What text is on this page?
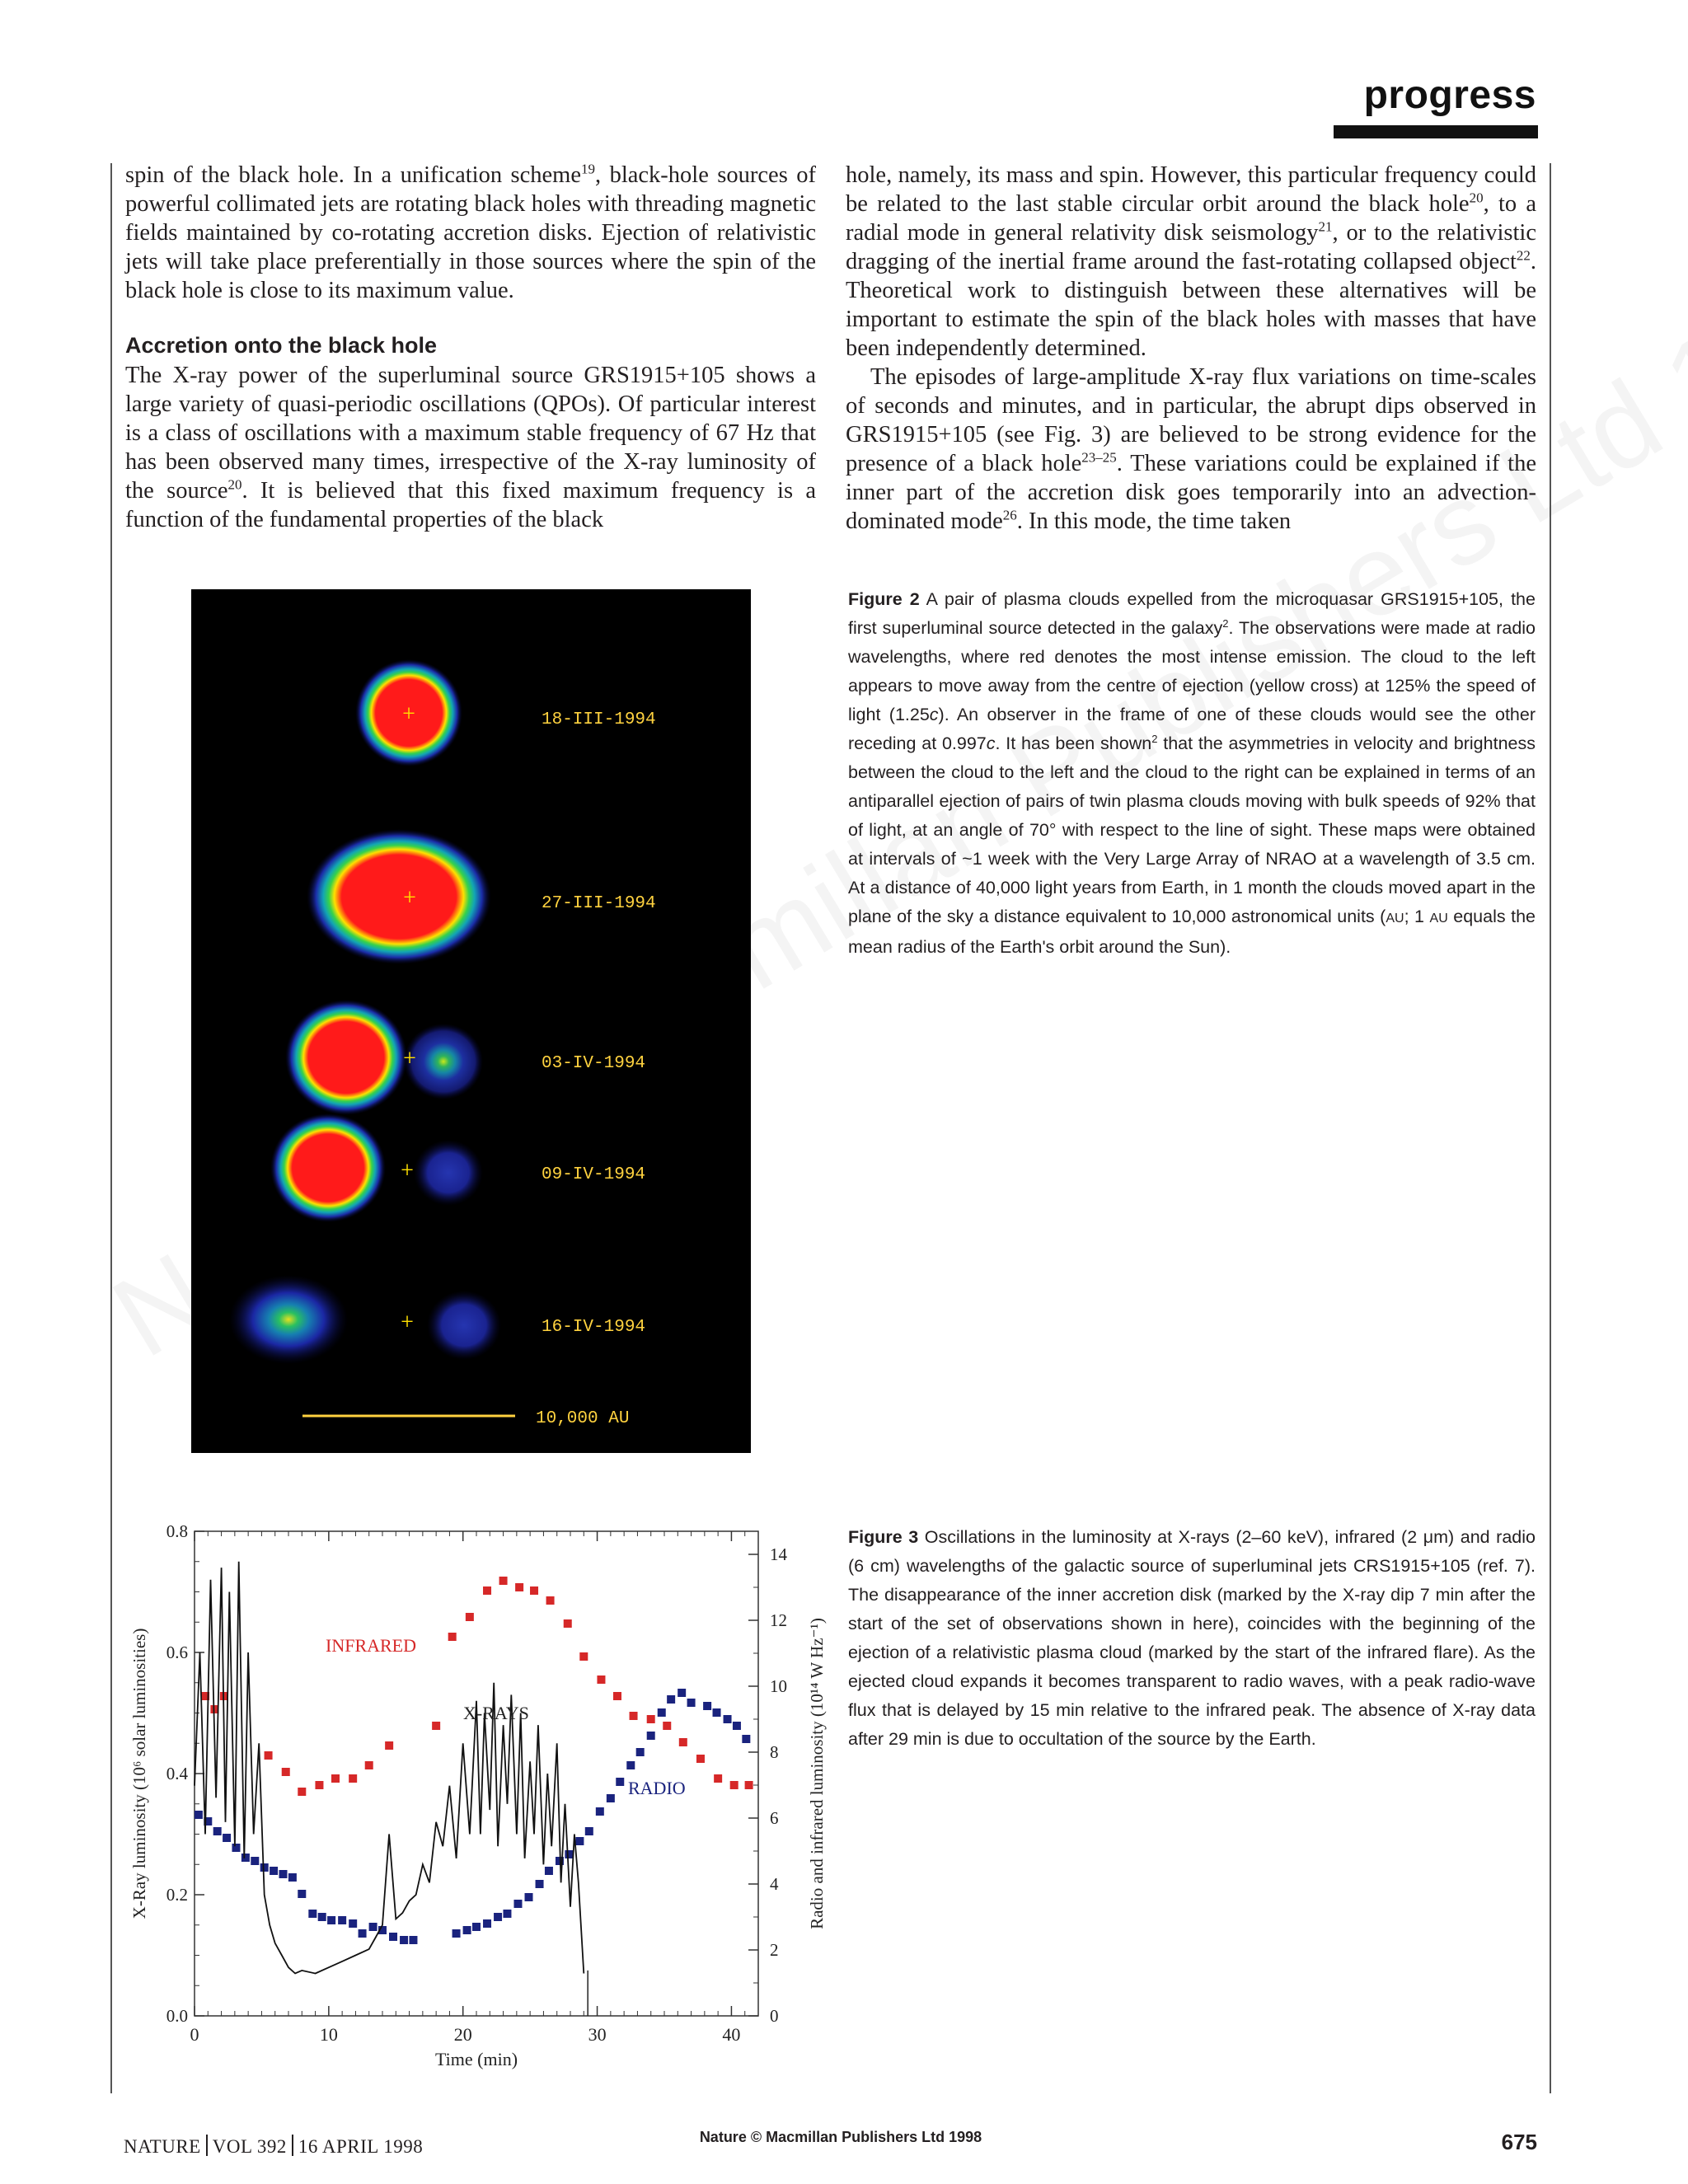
progress

spin of the black hole. In a unification scheme$^{19}$, black-hole sources of powerful collimated jets are rotating black holes with threading magnetic fields maintained by co-rotating accretion disks. Ejection of relativistic jets will take place preferentially in those sources where the spin of the black hole is close to its maximum value.

Accretion onto the black hole

The X-ray power of the superluminal source GRS1915+105 shows a large variety of quasi-periodic oscillations (QPOs). Of particular interest is a class of oscillations with a maximum stable frequency of 67 Hz that has been observed many times, irrespective of the X-ray luminosity of the source$^{20}$. It is believed that this fixed maximum frequency is a function of the fundamental properties of the black

hole, namely, its mass and spin. However, this particular frequency could be related to the last stable circular orbit around the black hole$^{20}$, to a radial mode in general relativity disk seismology$^{21}$, or to the relativistic dragging of the inertial frame around the fast-rotating collapsed object$^{22}$. Theoretical work to distinguish between these alternatives will be important to estimate the spin of the black holes with masses that have been independently determined.

The episodes of large-amplitude X-ray flux variations on time-scales of seconds and minutes, and in particular, the abrupt dips observed in GRS1915+105 (see Fig. 3) are believed to be strong evidence for the presence of a black hole$^{23-25}$. These variations could be explained if the inner part of the accretion disk goes temporarily into an advection-dominated mode$^{26}$. In this mode, the time taken

+
+
+
+
+
18-III-1994
27-III-1994
03-IV-1994
09-IV-1994
16-IV-1994
10,000 AU
Figure 2 A pair of plasma clouds expelled from the microquasar GRS1915+105, the first superluminal source detected in the galaxy$^2$. The observations were made at radio wavelengths, where red denotes the most intense emission. The cloud to the left appears to move away from the centre of ejection (yellow cross) at 125% the speed of light (1.25c). An observer in the frame of one of these clouds would see the other receding at 0.997c. It has been shown$^2$ that the asymmetries in velocity and brightness between the cloud to the left and the cloud to the right can be explained in terms of an antiparallel ejection of pairs of twin plasma clouds moving with bulk speeds of 92% that of light, at an angle of 70° with respect to the line of sight. These maps were obtained at intervals of ~1 week with the Very Large Array of NRAO at a wavelength of 3.5 cm. At a distance of 40,000 light years from Earth, in 1 month the clouds moved apart in the plane of the sky a distance equivalent to 10,000 astronomical units (AU; 1 AU equals the mean radius of the Earth's orbit around the Sun).
0	10	20	30	40
0.0
0.2
0.4
0.6
0.8
0
2
4
6
8
10
12
14
Time (min)
X-Ray luminosity (10⁶ solar luminosities)	Radio and infrared luminosity (10¹⁴ W Hz⁻¹)
INFRARED
X-RAYS
RADIO
Figure 3 Oscillations in the luminosity at X-rays (2–60 keV), infrared (2 μm) and radio (6 cm) wavelengths of the galactic source of superluminal jets CRS1915+105 (ref. 7). The disappearance of the inner accretion disk (marked by the X-ray dip 7 min after the start of the set of observations shown in here), coincides with the beginning of the ejection of a relativistic plasma cloud (marked by the start of the infrared flare). As the ejected cloud expands it becomes transparent to radio waves, with a peak radio-wave flux that is delayed by 15 min relative to the infrared peak. The absence of X-ray data after 29 min is due to occultation of the source by the Earth.
NATURE VOL 392 16 APRIL 1998	Nature © Macmillan Publishers Ltd 1998	675
